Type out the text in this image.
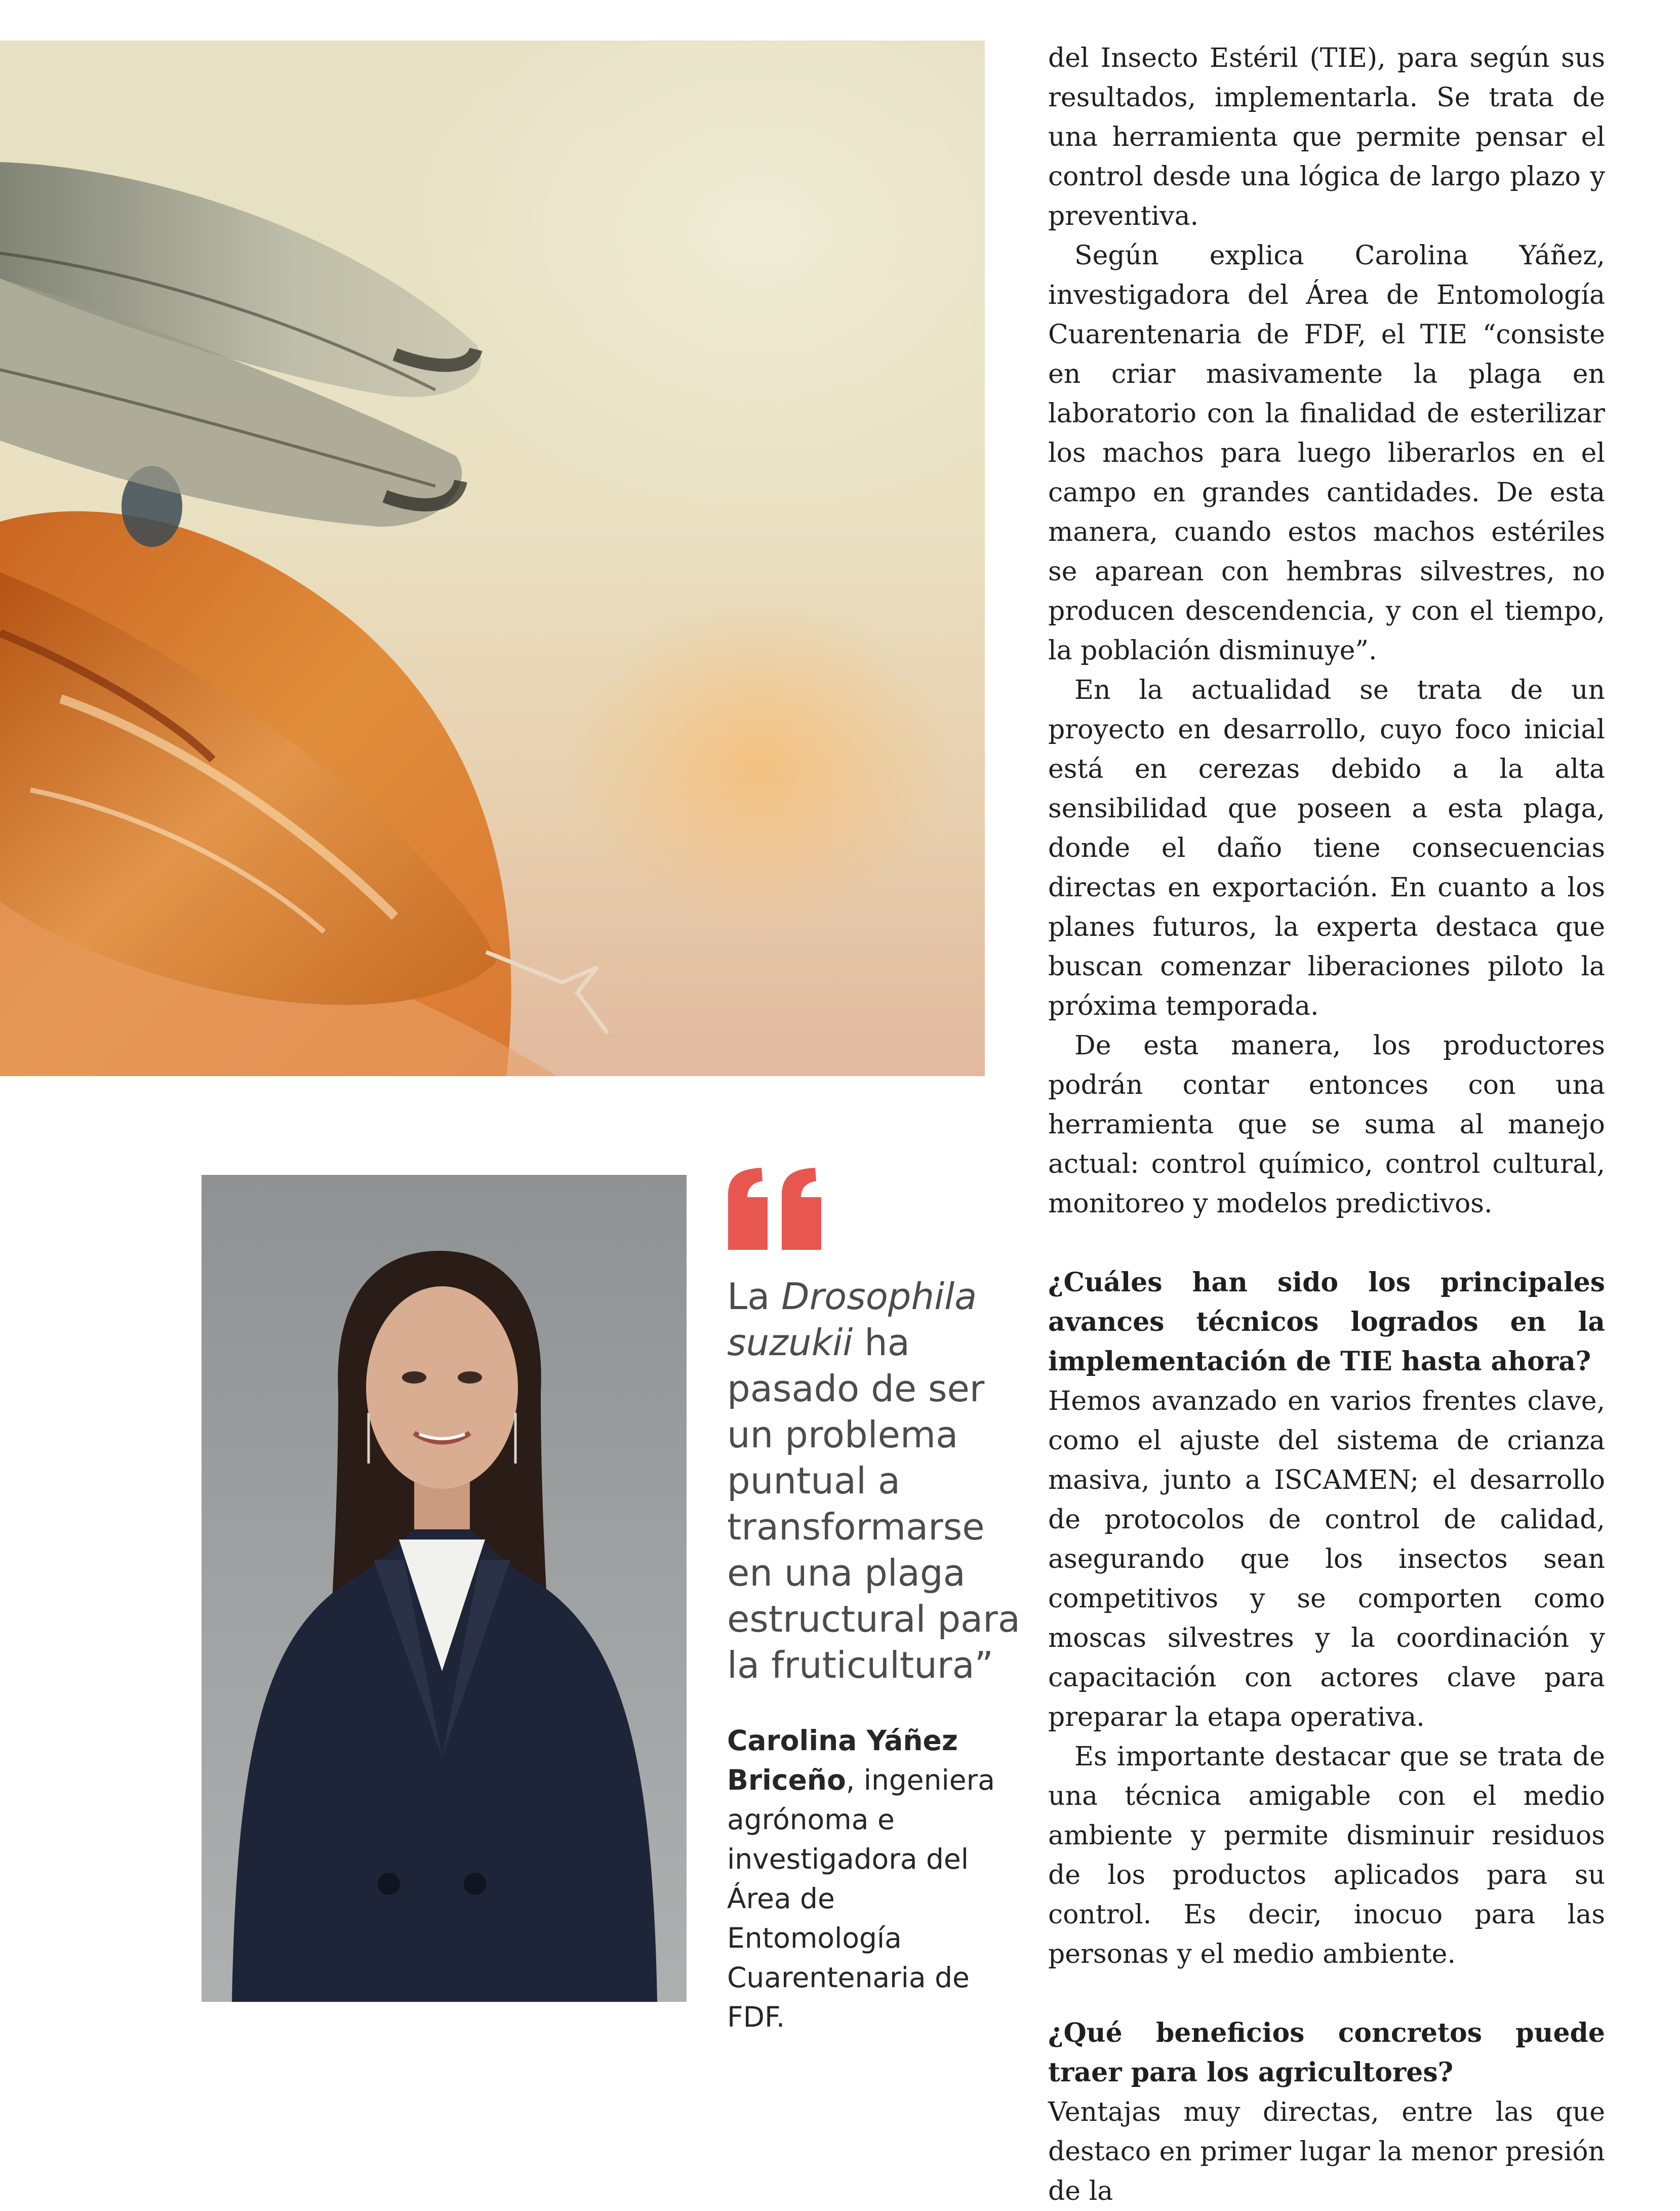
del Insecto Estéril (TIE), para según sus resultados, implementarla. Se trata de una herramienta que permite pensar el control desde una lógica de largo plazo y preventiva.

Según explica Carolina Yáñez, investigadora del Área de Entomología Cuarentenaria de FDF, el TIE “consiste en criar masivamente la plaga en laboratorio con la finalidad de esterilizar los machos para luego liberarlos en el campo en grandes cantidades. De esta manera, cuando estos machos estériles se aparean con hembras silvestres, no producen descendencia, y con el tiempo, la población disminuye”.

En la actualidad se trata de un proyecto en desarrollo, cuyo foco inicial está en cerezas debido a la alta sensibilidad que poseen a esta plaga, donde el daño tiene consecuencias directas en exportación. En cuanto a los planes futuros, la experta destaca que buscan comenzar liberaciones piloto la próxima temporada.

De esta manera, los productores podrán contar entonces con una herramienta que se suma al manejo actual: control químico, control cultural, monitoreo y modelos predictivos.

¿Cuáles han sido los principales avances técnicos logrados en la implementación de TIE hasta ahora?

Hemos avanzado en varios frentes clave, como el ajuste del sistema de crianza masiva, junto a ISCAMEN; el desarrollo de protocolos de control de calidad, asegurando que los insectos sean competitivos y se comporten como moscas silvestres y la coordinación y capacitación con actores clave para preparar la etapa operativa.

Es importante destacar que se trata de una técnica amigable con el medio ambiente y permite disminuir residuos de los productos aplicados para su control. Es decir, inocuo para las personas y el medio ambiente.

¿Qué beneficios concretos puede traer para los agricultores?

Ventajas muy directas, entre las que destaco en primer lugar la menor presión de la

La Drosophila suzukii ha pasado de ser un problema puntual a transformarse en una plaga estructural para la fruticultura”
Carolina Yáñez Briceño, ingeniera agrónoma e investigadora del Área de Entomología Cuarentenaria de FDF.
